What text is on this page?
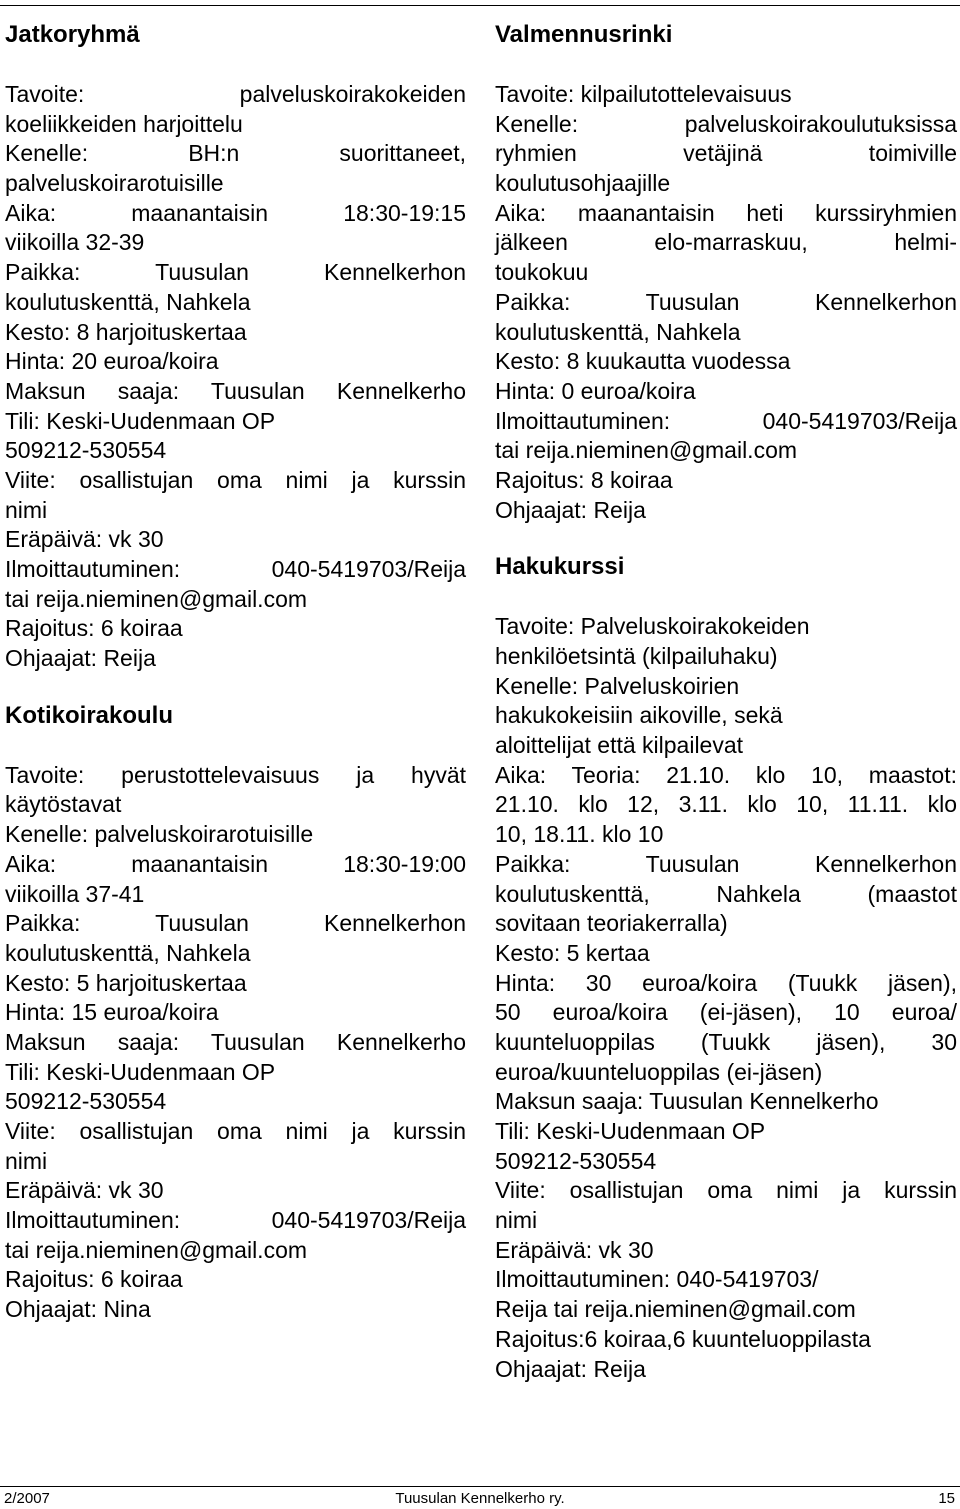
Jatkoryhmä
Tavoite: palveluskoirakokeiden
koeliikkeiden harjoittelu
Kenelle: BH:n suorittaneet,
palveluskoirarotuisille
Aika: maanantaisin 18:30-19:15
viikoilla 32-39
Paikka: Tuusulan Kennelkerhon
koulutuskenttä, Nahkela
Kesto: 8 harjoituskertaa
Hinta: 20 euroa/koira
Maksun saaja: Tuusulan Kennelkerho
Tili: Keski-Uudenmaan OP
509212-530554
Viite: osallistujan oma nimi ja kurssin
nimi
Eräpäivä: vk 30
Ilmoittautuminen: 040-5419703/Reija
tai reija.nieminen@gmail.com
Rajoitus: 6 koiraa
Ohjaajat: Reija
Kotikoirakoulu
Tavoite: perustottelevaisuus ja hyvät
käytöstavat
Kenelle: palveluskoirarotuisille
Aika: maanantaisin 18:30-19:00
viikoilla 37-41
Paikka: Tuusulan Kennelkerhon
koulutuskenttä, Nahkela
Kesto: 5 harjoituskertaa
Hinta: 15 euroa/koira
Maksun saaja: Tuusulan Kennelkerho
Tili: Keski-Uudenmaan OP
509212-530554
Viite: osallistujan oma nimi ja kurssin
nimi
Eräpäivä: vk 30
Ilmoittautuminen: 040-5419703/Reija
tai reija.nieminen@gmail.com
Rajoitus: 6 koiraa
Ohjaajat: Nina
Valmennusrinki
Tavoite: kilpailutottelevaisuus
Kenelle: palveluskoirakoulutuksissa
ryhmien vetäjinä toimiville
koulutusohjaajille
Aika: maanantaisin heti kurssiryhmien
jälkeen elo-marraskuu, helmi-
toukokuu
Paikka: Tuusulan Kennelkerhon
koulutuskenttä, Nahkela
Kesto: 8 kuukautta vuodessa
Hinta: 0 euroa/koira
Ilmoittautuminen: 040-5419703/Reija
tai reija.nieminen@gmail.com
Rajoitus: 8 koiraa
Ohjaajat: Reija
Hakukurssi
Tavoite: Palveluskoirakokeiden
henkilöetsintä (kilpailuhaku)
Kenelle: Palveluskoirien
hakukokeisiin aikoville, sekä
aloittelijat että kilpailevat
Aika: Teoria: 21.10. klo 10, maastot:
21.10. klo 12, 3.11. klo 10, 11.11. klo
10, 18.11. klo 10
Paikka: Tuusulan Kennelkerhon
koulutuskenttä, Nahkela (maastot
sovitaan teoriakerralla)
Kesto: 5 kertaa
Hinta: 30 euroa/koira (Tuukk jäsen),
50 euroa/koira (ei-jäsen), 10 euroa/
kuunteluoppilas (Tuukk jäsen), 30
euroa/kuunteluoppilas (ei-jäsen)
Maksun saaja: Tuusulan Kennelkerho
Tili: Keski-Uudenmaan OP
509212-530554
Viite: osallistujan oma nimi ja kurssin
nimi
Eräpäivä: vk 30
Ilmoittautuminen: 040-5419703/
Reija tai reija.nieminen@gmail.com
Rajoitus:6 koiraa,6 kuunteluoppilasta
Ohjaajat: Reija
2/2007	Tuusulan Kennelkerho ry.	15
